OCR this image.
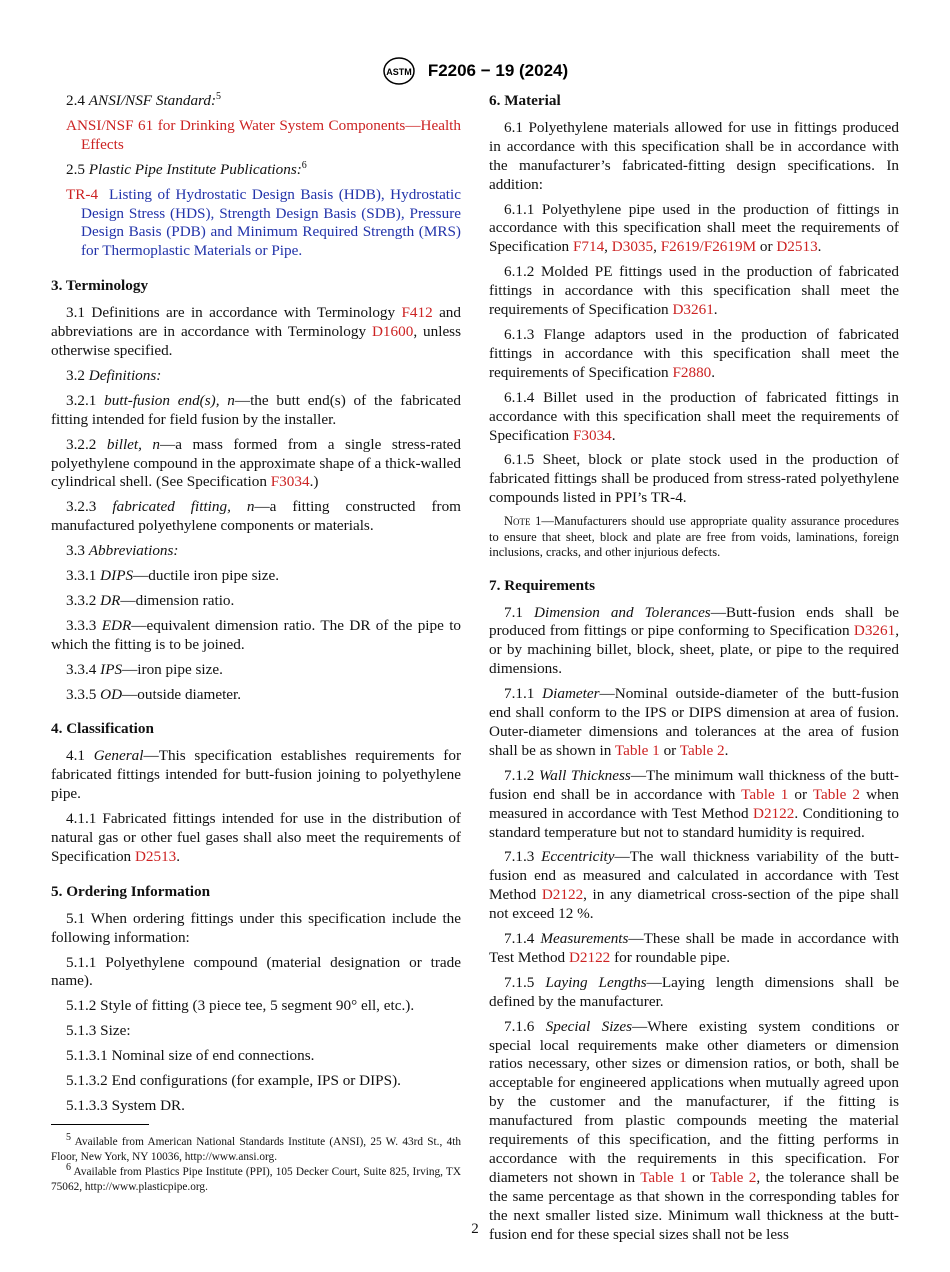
ASTM F2206 − 19 (2024)

2.4 ANSI/NSF Standard:$^5$

ANSI/NSF 61 for Drinking Water System Components—Health Effects

2.5 Plastic Pipe Institute Publications:$^6$

TR-4 Listing of Hydrostatic Design Basis (HDB), Hydrostatic Design Stress (HDS), Strength Design Basis (SDB), Pressure Design Basis (PDB) and Minimum Required Strength (MRS) for Thermoplastic Materials or Pipe.

3. Terminology

3.1 Definitions are in accordance with Terminology F412 and abbreviations are in accordance with Terminology D1600, unless otherwise specified.

3.2 Definitions:

3.2.1 butt-fusion end(s), n—the butt end(s) of the fabricated fitting intended for field fusion by the installer.

3.2.2 billet, n—a mass formed from a single stress-rated polyethylene compound in the approximate shape of a thick-walled cylindrical shell. (See Specification F3034.)

3.2.3 fabricated fitting, n—a fitting constructed from manufactured polyethylene components or materials.

3.3 Abbreviations:

3.3.1 DIPS—ductile iron pipe size.

3.3.2 DR—dimension ratio.

3.3.3 EDR—equivalent dimension ratio. The DR of the pipe to which the fitting is to be joined.

3.3.4 IPS—iron pipe size.

3.3.5 OD—outside diameter.

4. Classification

4.1 General—This specification establishes requirements for fabricated fittings intended for butt-fusion joining to polyethylene pipe.

4.1.1 Fabricated fittings intended for use in the distribution of natural gas or other fuel gases shall also meet the requirements of Specification D2513.

5. Ordering Information

5.1 When ordering fittings under this specification include the following information:

5.1.1 Polyethylene compound (material designation or trade name).

5.1.2 Style of fitting (3 piece tee, 5 segment 90° ell, etc.).

5.1.3 Size:

5.1.3.1 Nominal size of end connections.

5.1.3.2 End configurations (for example, IPS or DIPS).

5.1.3.3 System DR.

6. Material

6.1 Polyethylene materials allowed for use in fittings produced in accordance with this specification shall be in accordance with the manufacturer’s fabricated-fitting design specifications. In addition:

6.1.1 Polyethylene pipe used in the production of fittings in accordance with this specification shall meet the requirements of Specification F714, D3035, F2619/F2619M or D2513.

6.1.2 Molded PE fittings used in the production of fabricated fittings in accordance with this specification shall meet the requirements of Specification D3261.

6.1.3 Flange adaptors used in the production of fabricated fittings in accordance with this specification shall meet the requirements of Specification F2880.

6.1.4 Billet used in the production of fabricated fittings in accordance with this specification shall meet the requirements of Specification F3034.

6.1.5 Sheet, block or plate stock used in the production of fabricated fittings shall be produced from stress-rated polyethylene compounds listed in PPI’s TR-4.

Note 1—Manufacturers should use appropriate quality assurance procedures to ensure that sheet, block and plate are free from voids, laminations, foreign inclusions, cracks, and other injurious defects.

7. Requirements

7.1 Dimension and Tolerances—Butt-fusion ends shall be produced from fittings or pipe conforming to Specification D3261, or by machining billet, block, sheet, plate, or pipe to the required dimensions.

7.1.1 Diameter—Nominal outside-diameter of the butt-fusion end shall conform to the IPS or DIPS dimension at area of fusion. Outer-diameter dimensions and tolerances at the area of fusion shall be as shown in Table 1 or Table 2.

7.1.2 Wall Thickness—The minimum wall thickness of the butt-fusion end shall be in accordance with Table 1 or Table 2 when measured in accordance with Test Method D2122. Conditioning to standard temperature but not to standard humidity is required.

7.1.3 Eccentricity—The wall thickness variability of the butt-fusion end as measured and calculated in accordance with Test Method D2122, in any diametrical cross-section of the pipe shall not exceed 12 %.

7.1.4 Measurements—These shall be made in accordance with Test Method D2122 for roundable pipe.

7.1.5 Laying Lengths—Laying length dimensions shall be defined by the manufacturer.

7.1.6 Special Sizes—Where existing system conditions or special local requirements make other diameters or dimension ratios necessary, other sizes or dimension ratios, or both, shall be acceptable for engineered applications when mutually agreed upon by the customer and the manufacturer, if the fitting is manufactured from plastic compounds meeting the material requirements of this specification, and the fitting performs in accordance with the requirements in this specification. For diameters not shown in Table 1 or Table 2, the tolerance shall be the same percentage as that shown in the corresponding tables for the next smaller listed size. Minimum wall thickness at the butt-fusion end for these special sizes shall not be less

$^5$ Available from American National Standards Institute (ANSI), 25 W. 43rd St., 4th Floor, New York, NY 10036, http://www.ansi.org.

$^6$ Available from Plastics Pipe Institute (PPI), 105 Decker Court, Suite 825, Irving, TX 75062, http://www.plasticpipe.org.

2
